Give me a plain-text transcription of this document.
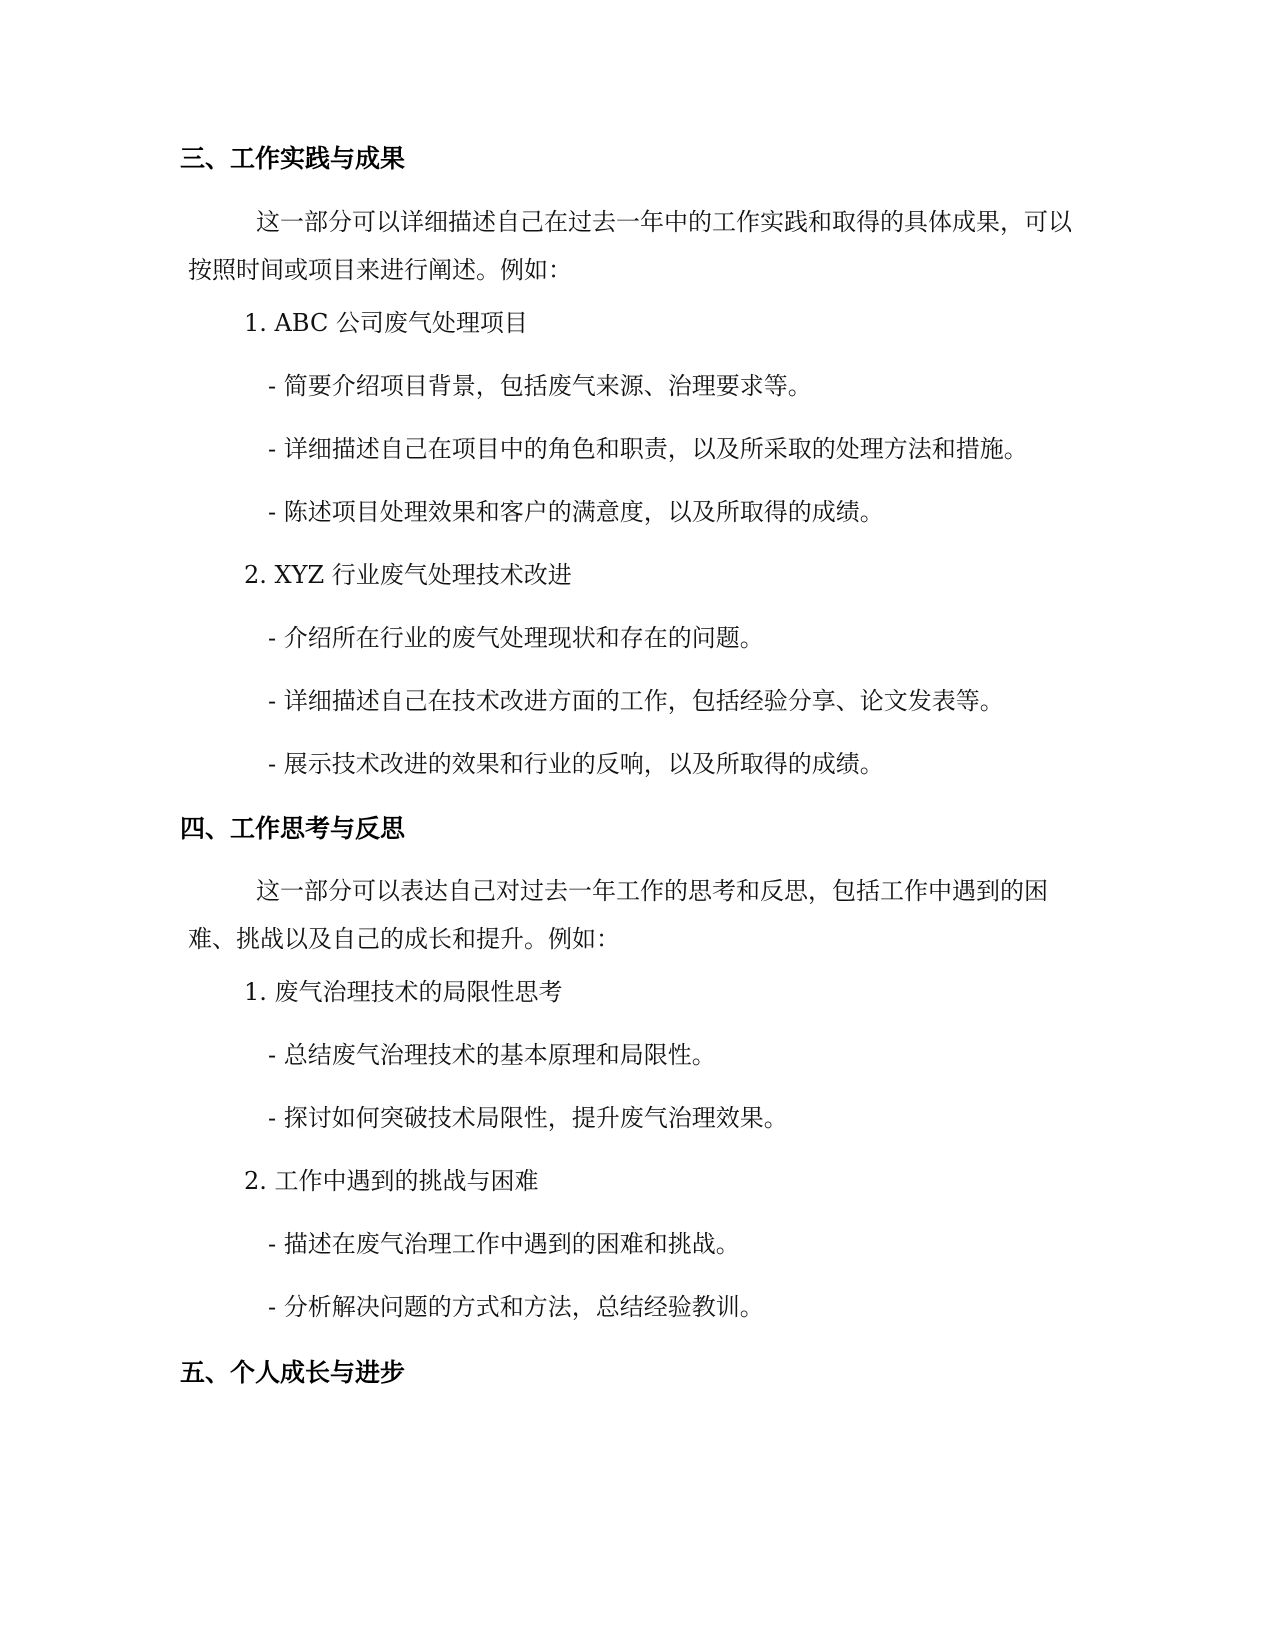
三、工作实践与成果
这一部分可以详细描述自己在过去一年中的工作实践和取得的具体成果，可以按照时间或项目来进行阐述。例如：
1. ABC 公司废气处理项目
- 简要介绍项目背景，包括废气来源、治理要求等。
- 详细描述自己在项目中的角色和职责，以及所采取的处理方法和措施。
- 陈述项目处理效果和客户的满意度，以及所取得的成绩。
2. XYZ 行业废气处理技术改进
- 介绍所在行业的废气处理现状和存在的问题。
- 详细描述自己在技术改进方面的工作，包括经验分享、论文发表等。
- 展示技术改进的效果和行业的反响，以及所取得的成绩。
四、工作思考与反思
这一部分可以表达自己对过去一年工作的思考和反思，包括工作中遇到的困难、挑战以及自己的成长和提升。例如：
1. 废气治理技术的局限性思考
- 总结废气治理技术的基本原理和局限性。
- 探讨如何突破技术局限性，提升废气治理效果。
2. 工作中遇到的挑战与困难
- 描述在废气治理工作中遇到的困难和挑战。
- 分析解决问题的方式和方法，总结经验教训。
五、个人成长与进步
